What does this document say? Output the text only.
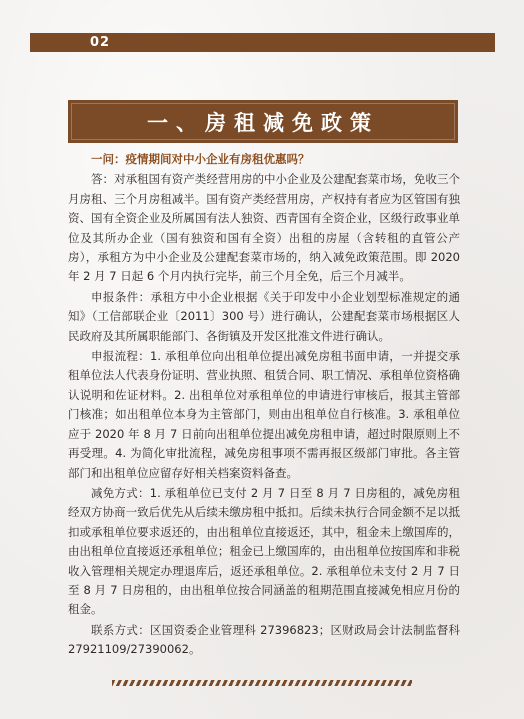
02
一、房租减免政策
一问：疫情期间对中小企业有房租优惠吗？

答：对承租国有资产类经营用房的中小企业及公建配套菜市场，免收三个月房租、三个月房租减半。国有资产类经营用房，产权持有者应为区管国有独资、国有全资企业及所属国有法人独资、西青国有全资企业，区级行政事业单位及其所办企业（国有独资和国有全资）出租的房屋（含转租的直管公产房），承租方为中小企业及公建配套菜市场的，纳入减免政策范围。即 2020 年 2 月 7 日起 6 个月内执行完毕，前三个月全免，后三个月减半。

申报条件：承租方中小企业根据《关于印发中小企业划型标准规定的通知》（工信部联企业〔2011〕300 号）进行确认，公建配套菜市场根据区人民政府及其所属职能部门、各街镇及开发区批准文件进行确认。

申报流程：1. 承租单位向出租单位提出减免房租书面申请，一并提交承租单位法人代表身份证明、营业执照、租赁合同、职工情况、承租单位资格确认说明和佐证材料。2. 出租单位对承租单位的申请进行审核后，报其主管部门核准；如出租单位本身为主管部门，则由出租单位自行核准。3. 承租单位应于 2020 年 8 月 7 日前向出租单位提出减免房租申请，超过时限原则上不再受理。4. 为简化审批流程，减免房租事项不需再报区级部门审批。各主管部门和出租单位应留存好相关档案资料备查。

减免方式：1. 承租单位已支付 2 月 7 日至 8 月 7 日房租的，减免房租经双方协商一致后优先从后续未缴房租中抵扣。后续未执行合同金额不足以抵扣或承租单位要求返还的，由出租单位直接返还，其中，租金未上缴国库的，由出租单位直接返还承租单位；租金已上缴国库的，由出租单位按国库和非税收入管理相关规定办理退库后，返还承租单位。2. 承租单位未支付 2 月 7 日至 8 月 7 日房租的，由出租单位按合同涵盖的租期范围直接减免相应月份的租金。

联系方式：区国资委企业管理科 27396823；区财政局会计法制监督科 27921109/27390062。
